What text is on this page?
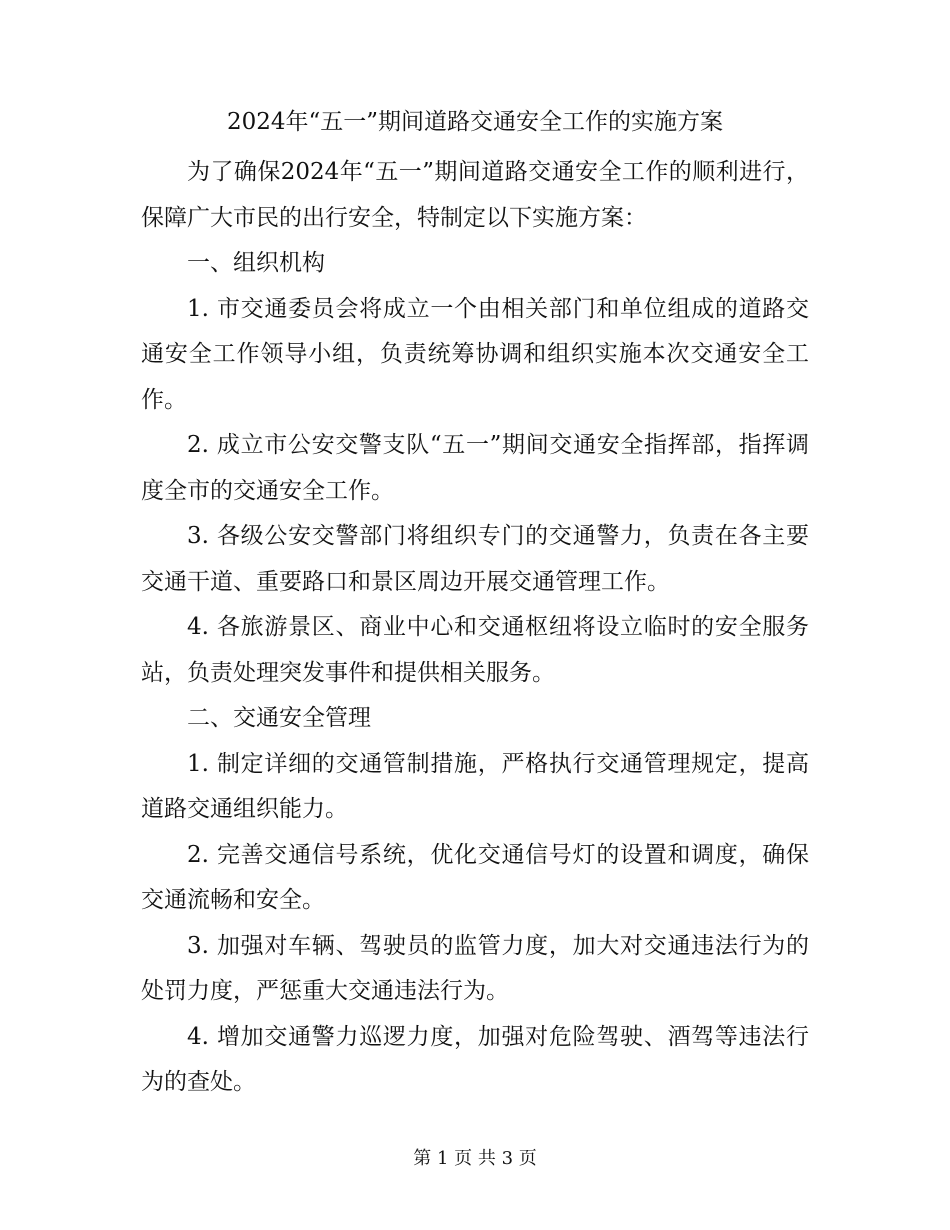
2024年“五一”期间道路交通安全工作的实施方案

为了确保2024年“五一”期间道路交通安全工作的顺利进行，保障广大市民的出行安全，特制定以下实施方案：

一、组织机构

1. 市交通委员会将成立一个由相关部门和单位组成的道路交通安全工作领导小组，负责统筹协调和组织实施本次交通安全工作。

2. 成立市公安交警支队“五一”期间交通安全指挥部，指挥调度全市的交通安全工作。

3. 各级公安交警部门将组织专门的交通警力，负责在各主要交通干道、重要路口和景区周边开展交通管理工作。

4. 各旅游景区、商业中心和交通枢纽将设立临时的安全服务站，负责处理突发事件和提供相关服务。

二、交通安全管理

1. 制定详细的交通管制措施，严格执行交通管理规定，提高道路交通组织能力。

2. 完善交通信号系统，优化交通信号灯的设置和调度，确保交通流畅和安全。

3. 加强对车辆、驾驶员的监管力度，加大对交通违法行为的处罚力度，严惩重大交通违法行为。

4. 增加交通警力巡逻力度，加强对危险驾驶、酒驾等违法行为的查处。

第 1 页 共 3 页
